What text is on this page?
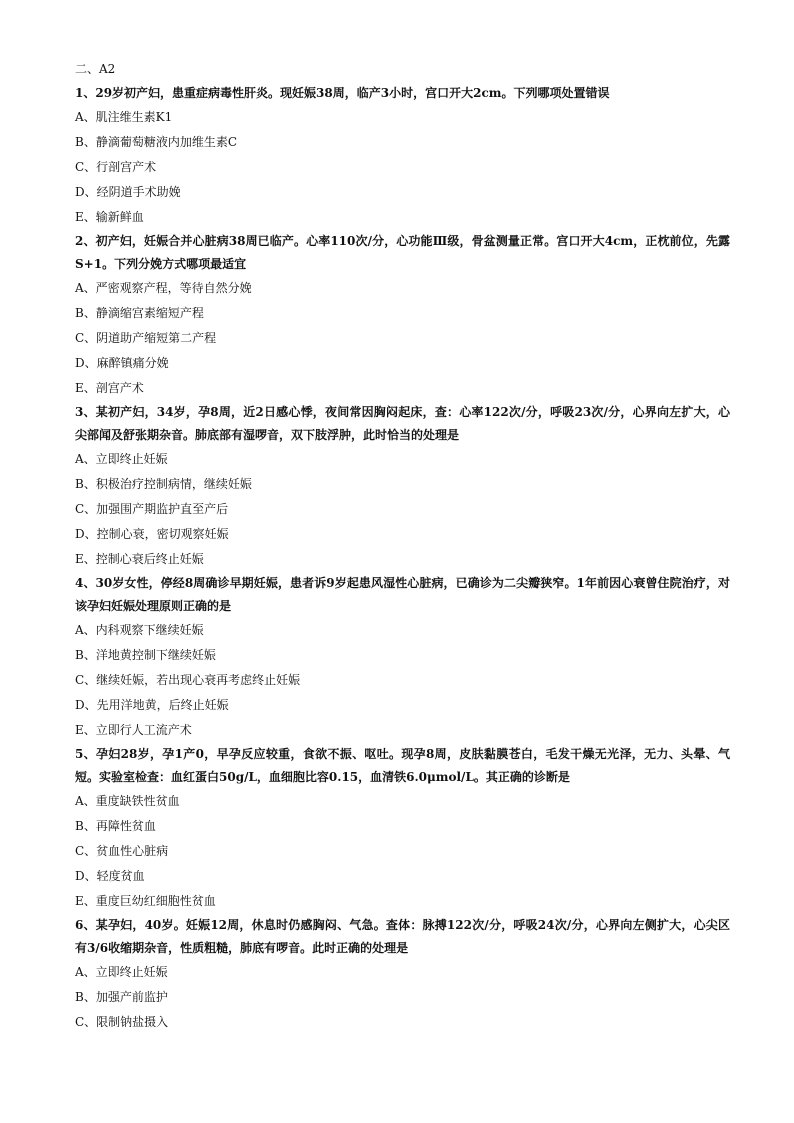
二、A2

1、29岁初产妇，患重症病毒性肝炎。现妊娠38周，临产3小时，宫口开大2cm。下列哪项处置错误

A、肌注维生素K1

B、静滴葡萄糖液内加维生素C

C、行剖宫产术

D、经阴道手术助娩

E、输新鲜血

2、初产妇，妊娠合并心脏病38周已临产。心率110次/分，心功能Ⅲ级，骨盆测量正常。宫口开大4cm，正枕前位，先露S+1。下列分娩方式哪项最适宜

A、严密观察产程，等待自然分娩

B、静滴缩宫素缩短产程

C、阴道助产缩短第二产程

D、麻醉镇痛分娩

E、剖宫产术

3、某初产妇，34岁，孕8周，近2日感心悸，夜间常因胸闷起床，查：心率122次/分，呼吸23次/分，心界向左扩大，心尖部闻及舒张期杂音。肺底部有湿啰音，双下肢浮肿，此时恰当的处理是

A、立即终止妊娠

B、积极治疗控制病情，继续妊娠

C、加强围产期监护直至产后

D、控制心衰，密切观察妊娠

E、控制心衰后终止妊娠

4、30岁女性，停经8周确诊早期妊娠，患者诉9岁起患风湿性心脏病，已确诊为二尖瓣狭窄。1年前因心衰曾住院治疗，对该孕妇妊娠处理原则正确的是

A、内科观察下继续妊娠

B、洋地黄控制下继续妊娠

C、继续妊娠，若出现心衰再考虑终止妊娠

D、先用洋地黄，后终止妊娠

E、立即行人工流产术

5、孕妇28岁，孕1产0，早孕反应较重，食欲不振、呕吐。现孕8周，皮肤黏膜苍白，毛发干燥无光泽，无力、头晕、气短。实验室检查：血红蛋白50g/L，血细胞比容0.15，血清铁6.0μmol/L。其正确的诊断是

A、重度缺铁性贫血

B、再障性贫血

C、贫血性心脏病

D、轻度贫血

E、重度巨幼红细胞性贫血

6、某孕妇，40岁。妊娠12周，休息时仍感胸闷、气急。查体：脉搏122次/分，呼吸24次/分，心界向左侧扩大，心尖区有3/6收缩期杂音，性质粗糙，肺底有啰音。此时正确的处理是

A、立即终止妊娠

B、加强产前监护

C、限制钠盐摄入
